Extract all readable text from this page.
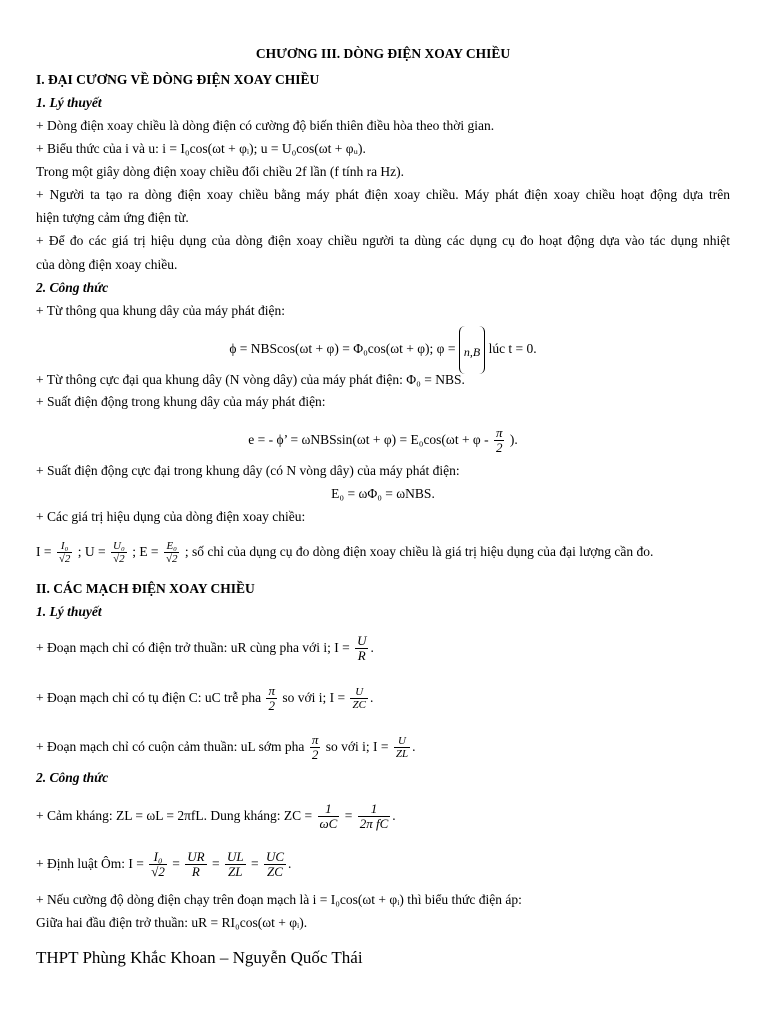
CHƯƠNG III. DÒNG ĐIỆN XOAY CHIỀU
I. ĐẠI CƯƠNG VỀ DÒNG ĐIỆN XOAY CHIỀU
1. Lý thuyết
+ Dòng điện xoay chiều là dòng điện có cường độ biến thiên điều hòa theo thời gian.
+ Biểu thức của i và u: i = I₀cos(ωt + φᵢ); u = U₀cos(ωt + φᵤ).
Trong một giây dòng điện xoay chiều đổi chiều 2f lần (f tính ra Hz).
+ Người ta tạo ra dòng điện xoay chiều bằng máy phát điện xoay chiều. Máy phát điện xoay chiều hoạt động dựa trên
hiện tượng cảm ứng điện từ.
+ Để đo các giá trị hiệu dụng của dòng điện xoay chiều người ta dùng các dụng cụ đo hoạt động dựa vào tác dụng nhiệt
của dòng điện xoay chiều.
2. Công thức
+ Từ thông qua khung dây của máy phát điện:
ϕ = NBScos(ωt + φ) = Φ₀cos(ωt + φ); φ = n,B lúc t = 0.
+ Từ thông cực đại qua khung dây (N vòng dây) của máy phát điện: Φ₀ = NBS.
+ Suất điện động trong khung dây của máy phát điện:
e = - ϕ’ = $\omega NBSsin(\omega t + \varphi) = E_0\cos(\omega t + \varphi - \frac{\pi}{2}$ ).
+ Suất điện động cực đại trong khung dây (có N vòng dây) của máy phát điện:
E₀ = ωΦ₀ = ωNBS.
+ Các giá trị hiệu dụng của dòng điện xoay chiều:
$I = \frac{\text{I₀}}{√2}$ ; $U = \frac{\text{U₀}}{√2}$ ; $E = \frac{\text{E₀}}{√2}$ ; số chỉ của dụng cụ đo dòng điện xoay chiều là giá trị hiệu dụng của đại lượng cần đo.
II. CÁC MẠCH ĐIỆN XOAY CHIỀU
1. Lý thuyết
+ Đoạn mạch chỉ có điện trở thuần: uR cùng pha với i; $I = \frac{U}{R}$ .
+ Đoạn mạch chỉ có tụ điện C: uC trễ pha $\frac{\pi}{2}$ so với i; $I = \frac{U}{ZC}$ .
+ Đoạn mạch chỉ có cuộn cảm thuần: uL sớm pha $\frac{\pi}{2}$ so với i; $I = \frac{U}{ZL}$ .
2. Công thức
+ Cảm kháng: ZL = ωL = 2πfL. Dung kháng: ZC = $\frac{1}{\omega C} = \frac{1}{\text{2π fC}}$ .
+ Định luật Ôm: $I = \frac{\text{I₀}}{√2} = \frac{UR}{R} = \frac{UL}{ZL} = \frac{UC}{ZC}$ .
+ Nếu cường độ dòng điện chạy trên đoạn mạch là i = I₀cos(ωt + φᵢ) thì biểu thức điện áp:
Giữa hai đầu điện trở thuần: uR = RI₀cos(ωt + φᵢ).
THPT Phùng Khắc Khoan – Nguyễn Quốc Thái
